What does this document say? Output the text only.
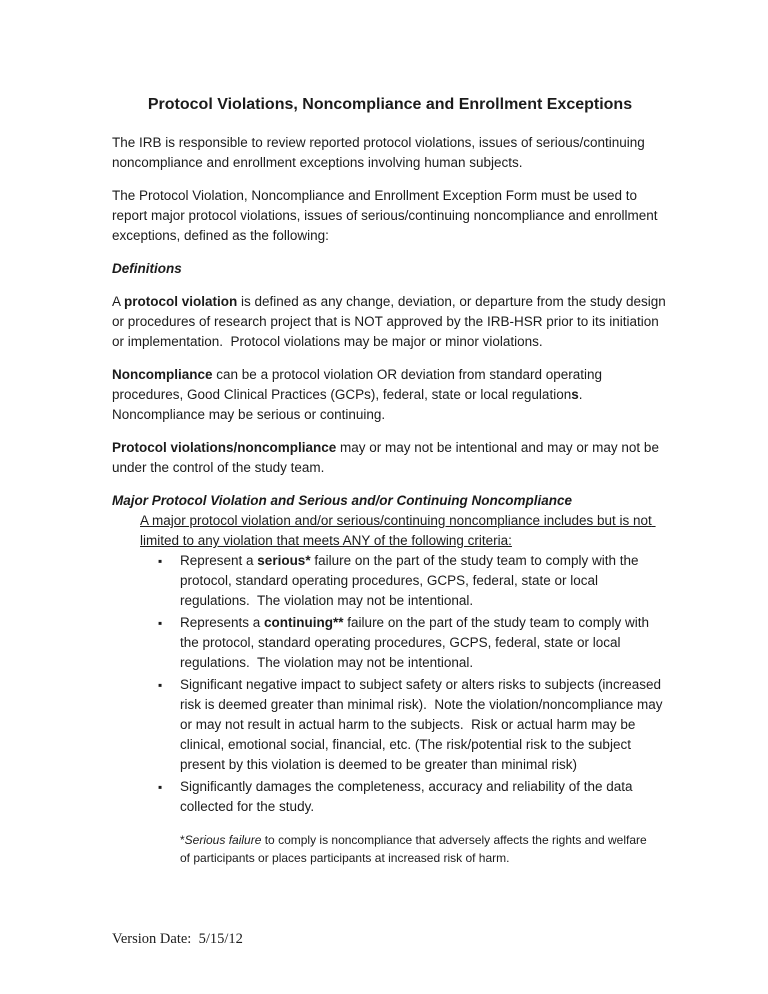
Protocol Violations, Noncompliance and Enrollment Exceptions

The IRB is responsible to review reported protocol violations, issues of serious/continuing noncompliance and enrollment exceptions involving human subjects.

The Protocol Violation, Noncompliance and Enrollment Exception Form must be used to report major protocol violations, issues of serious/continuing noncompliance and enrollment exceptions, defined as the following:

Definitions

A protocol violation is defined as any change, deviation, or departure from the study design or procedures of research project that is NOT approved by the IRB-HSR prior to its initiation or implementation.  Protocol violations may be major or minor violations.

Noncompliance can be a protocol violation OR deviation from standard operating procedures, Good Clinical Practices (GCPs), federal, state or local regulations. Noncompliance may be serious or continuing.

Protocol violations/noncompliance may or may not be intentional and may or may not be under the control of the study team.

Major Protocol Violation and Serious and/or Continuing Noncompliance

A major protocol violation and/or serious/continuing noncompliance includes but is not limited to any violation that meets ANY of the following criteria:

▪ Represent a serious* failure on the part of the study team to comply with the protocol, standard operating procedures, GCPS, federal, state or local regulations.  The violation may not be intentional.
▪ Represents a continuing** failure on the part of the study team to comply with the protocol, standard operating procedures, GCPS, federal, state or local regulations.  The violation may not be intentional.
▪ Significant negative impact to subject safety or alters risks to subjects (increased risk is deemed greater than minimal risk).  Note the violation/noncompliance may or may not result in actual harm to the subjects.  Risk or actual harm may be clinical, emotional social, financial, etc. (The risk/potential risk to the subject present by this violation is deemed to be greater than minimal risk)
▪ Significantly damages the completeness, accuracy and reliability of the data collected for the study.

*Serious failure to comply is noncompliance that adversely affects the rights and welfare of participants or places participants at increased risk of harm.

Version Date:  5/15/12
